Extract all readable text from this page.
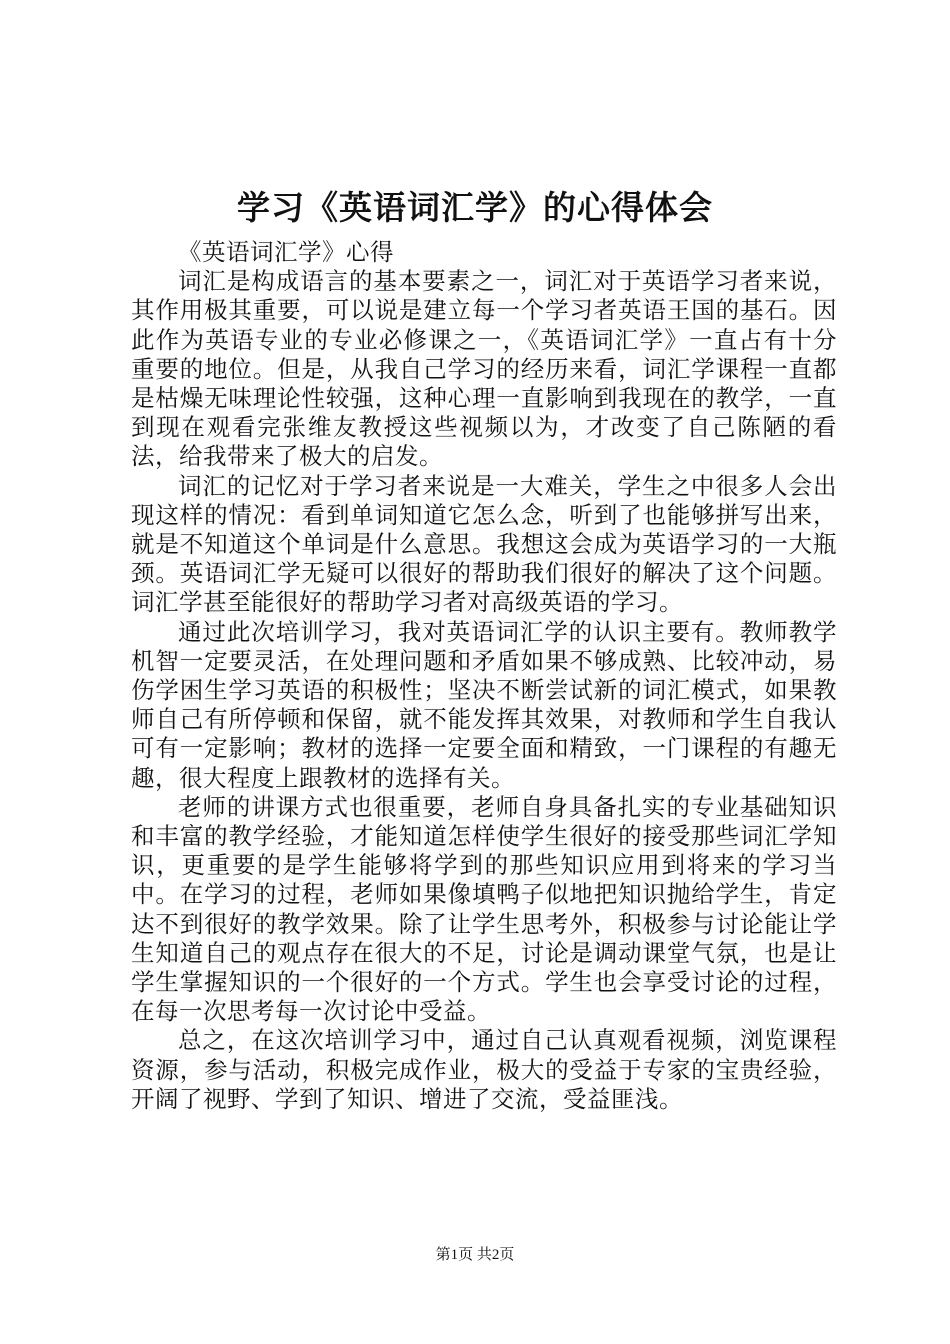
学习《英语词汇学》的心得体会

《英语词汇学》心得

词汇是构成语言的基本要素之一，词汇对于英语学习者来说，其作用极其重要，可以说是建立每一个学习者英语王国的基石。因此作为英语专业的专业必修课之一，《英语词汇学》一直占有十分重要的地位。但是，从我自己学习的经历来看，词汇学课程一直都是枯燥无味理论性较强，这种心理一直影响到我现在的教学，一直到现在观看完张维友教授这些视频以为，才改变了自己陈陋的看法，给我带来了极大的启发。

词汇的记忆对于学习者来说是一大难关，学生之中很多人会出现这样的情况：看到单词知道它怎么念，听到了也能够拼写出来，就是不知道这个单词是什么意思。我想这会成为英语学习的一大瓶颈。英语词汇学无疑可以很好的帮助我们很好的解决了这个问题。词汇学甚至能很好的帮助学习者对高级英语的学习。

通过此次培训学习，我对英语词汇学的认识主要有。教师教学机智一定要灵活，在处理问题和矛盾如果不够成熟、比较冲动，易伤学困生学习英语的积极性；坚决不断尝试新的词汇模式，如果教师自己有所停顿和保留，就不能发挥其效果，对教师和学生自我认可有一定影响；教材的选择一定要全面和精致，一门课程的有趣无趣，很大程度上跟教材的选择有关。

老师的讲课方式也很重要，老师自身具备扎实的专业基础知识和丰富的教学经验，才能知道怎样使学生很好的接受那些词汇学知识，更重要的是学生能够将学到的那些知识应用到将来的学习当中。在学习的过程，老师如果像填鸭子似地把知识抛给学生，肯定达不到很好的教学效果。除了让学生思考外，积极参与讨论能让学生知道自己的观点存在很大的不足，讨论是调动课堂气氛，也是让学生掌握知识的一个很好的一个方式。学生也会享受讨论的过程，在每一次思考每一次讨论中受益。

总之，在这次培训学习中，通过自己认真观看视频，浏览课程资源，参与活动，积极完成作业，极大的受益于专家的宝贵经验，开阔了视野、学到了知识、增进了交流，受益匪浅。

第1页 共2页
